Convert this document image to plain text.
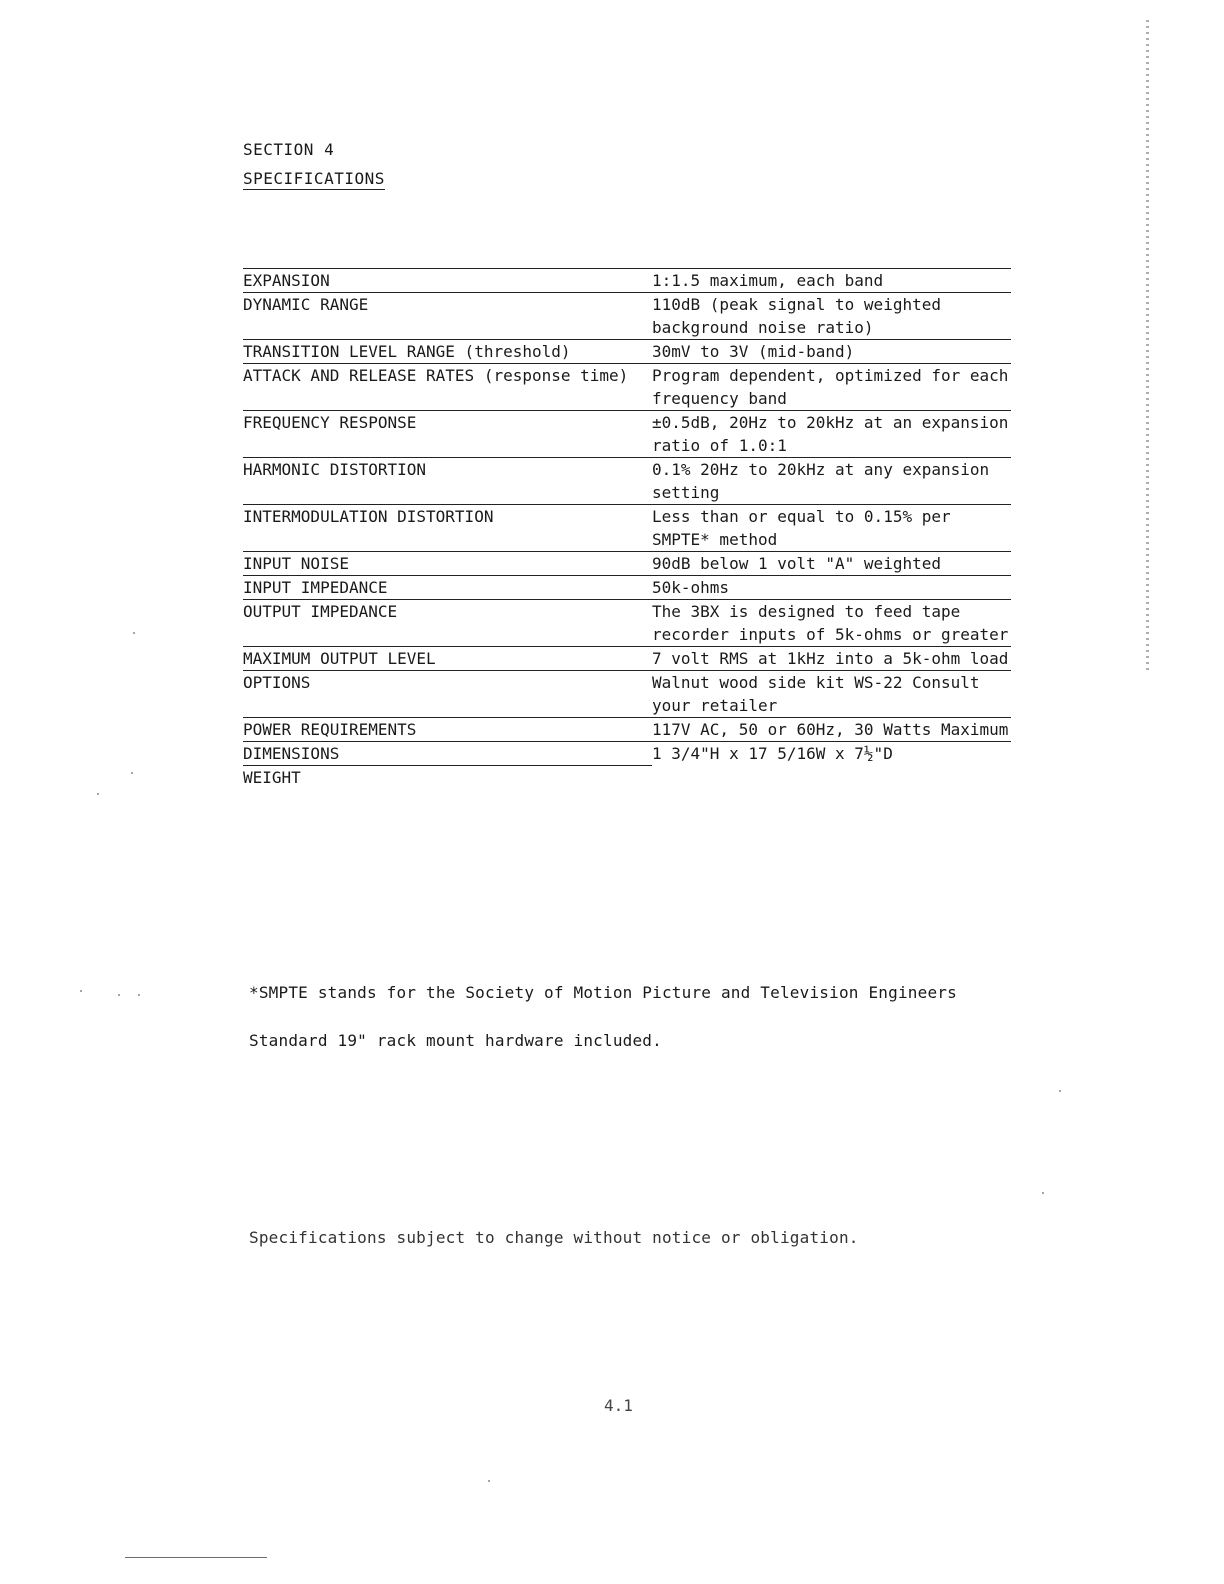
SECTION 4
SPECIFICATIONS
EXPANSION	1:1.5 maximum, each band
DYNAMIC RANGE	110dB (peak signal to weighted background noise ratio)
TRANSITION LEVEL RANGE (threshold)	30mV to 3V (mid-band)
ATTACK AND RELEASE RATES (response time)	Program dependent, optimized for each frequency band
FREQUENCY RESPONSE	±0.5dB, 20Hz to 20kHz at an expansion ratio of 1.0:1
HARMONIC DISTORTION	0.1% 20Hz to 20kHz at any expansion setting
INTERMODULATION DISTORTION	Less than or equal to 0.15% per SMPTE* method
INPUT NOISE	90dB below 1 volt "A" weighted
INPUT IMPEDANCE	50k-ohms
OUTPUT IMPEDANCE	The 3BX is designed to feed tape recorder inputs of 5k-ohms or greater
MAXIMUM OUTPUT LEVEL	7 volt RMS at 1kHz into a 5k-ohm load
OPTIONS	Walnut wood side kit WS-22 Consult your retailer
POWER REQUIREMENTS	117V AC, 50 or 60Hz, 30 Watts Maximum
DIMENSIONS	1 3/4"H x 17 5/16W x 7½"D
WEIGHT	
*SMPTE stands for the Society of Motion Picture and Television Engineers
Standard 19" rack mount hardware included.
Specifications subject to change without notice or obligation.
4.1
